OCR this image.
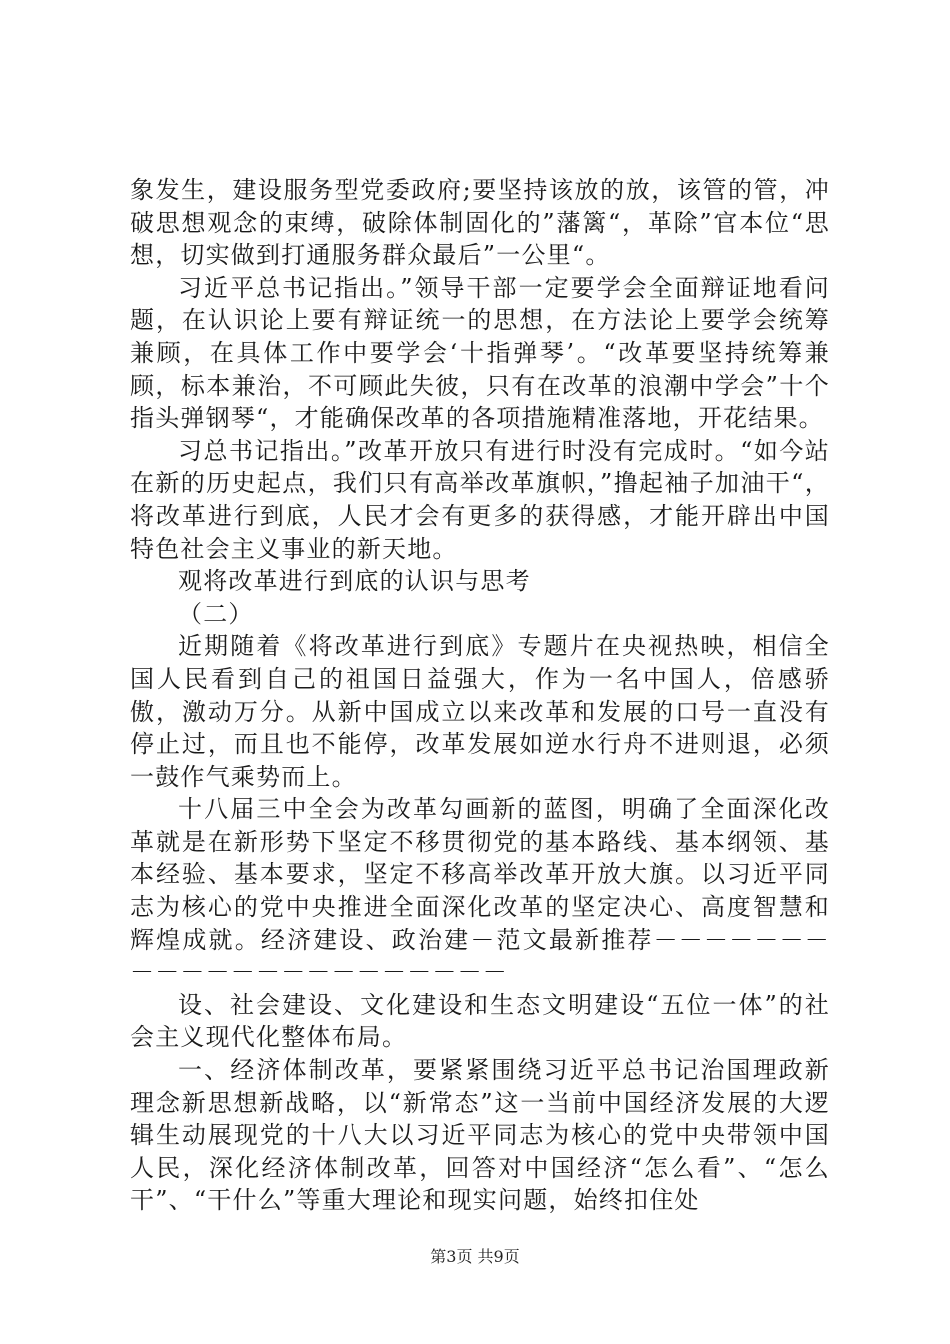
象发生，建设服务型党委政府;要坚持该放的放，该管的管，冲破思想观念的束缚，破除体制固化的”藩篱“，革除”官本位“思想，切实做到打通服务群众最后”一公里“。

习近平总书记指出。”领导干部一定要学会全面辩证地看问题，在认识论上要有辩证统一的思想，在方法论上要学会统筹兼顾，在具体工作中要学会‘十指弹琴’。“改革要坚持统筹兼顾，标本兼治，不可顾此失彼，只有在改革的浪潮中学会”十个指头弹钢琴“，才能确保改革的各项措施精准落地，开花结果。

习总书记指出。”改革开放只有进行时没有完成时。“如今站在新的历史起点，我们只有高举改革旗帜，”撸起袖子加油干“，将改革进行到底，人民才会有更多的获得感，才能开辟出中国特色社会主义事业的新天地。

观将改革进行到底的认识与思考

（二）

近期随着《将改革进行到底》专题片在央视热映，相信全国人民看到自己的祖国日益强大，作为一名中国人，倍感骄傲，激动万分。从新中国成立以来改革和发展的口号一直没有停止过，而且也不能停，改革发展如逆水行舟不进则退，必须一鼓作气乘势而上。

十八届三中全会为改革勾画新的蓝图，明确了全面深化改革就是在新形势下坚定不移贯彻党的基本路线、基本纲领、基本经验、基本要求，坚定不移高举改革开放大旗。以习近平同志为核心的党中央推进全面深化改革的坚定决心、高度智慧和辉煌成就。经济建设、政治建－范文最新推荐－－－－－－－－－－－－－－－－－－－－－－

设、社会建设、文化建设和生态文明建设“五位一体”的社会主义现代化整体布局。

一、经济体制改革，要紧紧围绕习近平总书记治国理政新理念新思想新战略，以“新常态”这一当前中国经济发展的大逻辑生动展现党的十八大以习近平同志为核心的党中央带领中国人民，深化经济体制改革，回答对中国经济“怎么看”、“怎么干”、“干什么”等重大理论和现实问题，始终扣住处

第3页 共9页
